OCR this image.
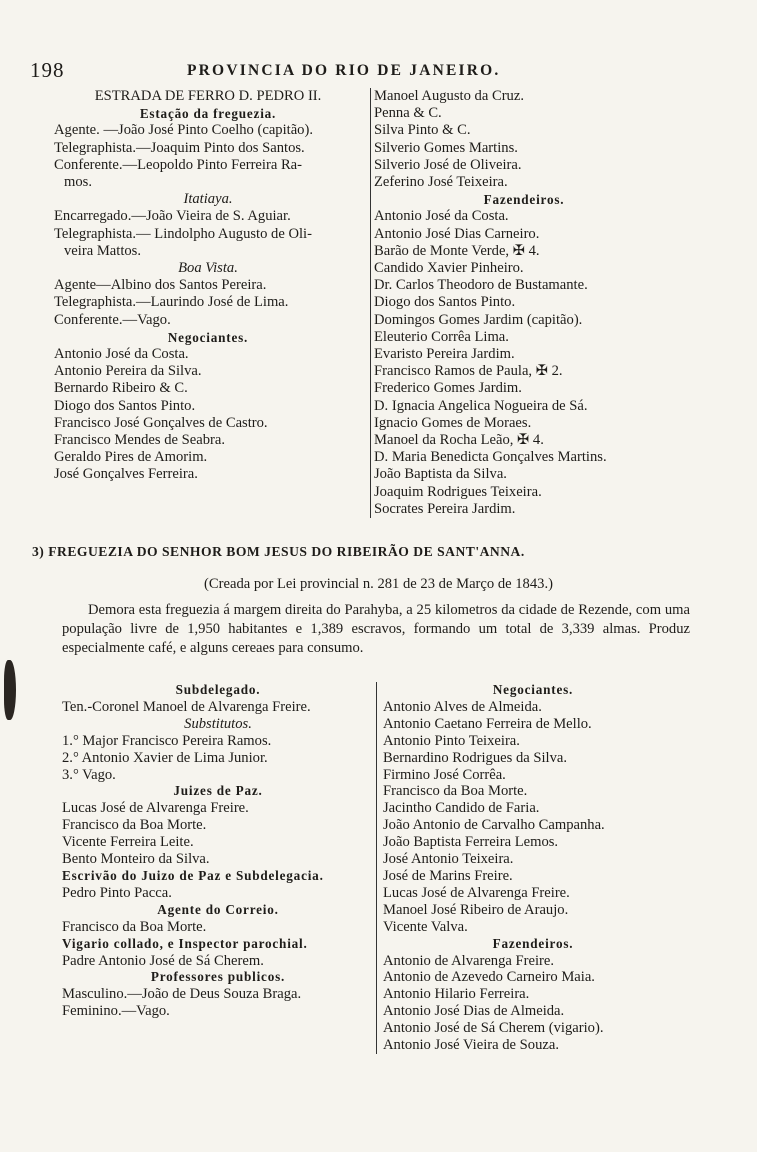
198	PROVINCIA DO RIO DE JANEIRO.
ESTRADA DE FERRO D. PEDRO II.
Estação da freguezia.
Agente. —João José Pinto Coelho (capitão).
Telegraphista.—Joaquim Pinto dos Santos.
Conferente.—Leopoldo Pinto Ferreira Ra-
mos.
Itatiaya.
Encarregado.—João Vieira de S. Aguiar.
Telegraphista.— Lindolpho Augusto de Oli-
veira Mattos.
Boa Vista.
Agente—Albino dos Santos Pereira.
Telegraphista.—Laurindo José de Lima.
Conferente.—Vago.
Negociantes.
Antonio José da Costa.
Antonio Pereira da Silva.
Bernardo Ribeiro & C.
Diogo dos Santos Pinto.
Francisco José Gonçalves de Castro.
Francisco Mendes de Seabra.
Geraldo Pires de Amorim.
José Gonçalves Ferreira.
Manoel Augusto da Cruz.
Penna & C.
Silva Pinto & C.
Silverio Gomes Martins.
Silverio José de Oliveira.
Zeferino José Teixeira.
Fazendeiros.
Antonio José da Costa.
Antonio José Dias Carneiro.
Barão de Monte Verde, ✠ 4.
Candido Xavier Pinheiro.
Dr. Carlos Theodoro de Bustamante.
Diogo dos Santos Pinto.
Domingos Gomes Jardim (capitão).
Eleuterio Corrêa Lima.
Evaristo Pereira Jardim.
Francisco Ramos de Paula, ✠ 2.
Frederico Gomes Jardim.
D. Ignacia Angelica Nogueira de Sá.
Ignacio Gomes de Moraes.
Manoel da Rocha Leão, ✠ 4.
D. Maria Benedicta Gonçalves Martins.
João Baptista da Silva.
Joaquim Rodrigues Teixeira.
Socrates Pereira Jardim.
3) FREGUEZIA DO SENHOR BOM JESUS DO RIBEIRÃO DE SANT'ANNA.
(Creada por Lei provincial n. 281 de 23 de Março de 1843.)
Demora esta freguezia á margem direita do Parahyba, a 25 kilometros da cidade de Rezende, com uma população livre de 1,950 habitantes e 1,389 escravos, formando um total de 3,339 almas. Produz especialmente café, e alguns cereaes para consumo.
Subdelegado.
Ten.-Coronel Manoel de Alvarenga Freire.
Substitutos.
1.° Major Francisco Pereira Ramos.
2.° Antonio Xavier de Lima Junior.
3.° Vago.
Juizes de Paz.
Lucas José de Alvarenga Freire.
Francisco da Boa Morte.
Vicente Ferreira Leite.
Bento Monteiro da Silva.
Escrivão do Juizo de Paz e Subdelegacia.
Pedro Pinto Pacca.
Agente do Correio.
Francisco da Boa Morte.
Vigario collado, e Inspector parochial.
Padre Antonio José de Sá Cherem.
Professores publicos.
Masculino.—João de Deus Souza Braga.
Feminino.—Vago.
Negociantes.
Antonio Alves de Almeida.
Antonio Caetano Ferreira de Mello.
Antonio Pinto Teixeira.
Bernardino Rodrigues da Silva.
Firmino José Corrêa.
Francisco da Boa Morte.
Jacintho Candido de Faria.
João Antonio de Carvalho Campanha.
João Baptista Ferreira Lemos.
José Antonio Teixeira.
José de Marins Freire.
Lucas José de Alvarenga Freire.
Manoel José Ribeiro de Araujo.
Vicente Valva.
Fazendeiros.
Antonio de Alvarenga Freire.
Antonio de Azevedo Carneiro Maia.
Antonio Hilario Ferreira.
Antonio José Dias de Almeida.
Antonio José de Sá Cherem (vigario).
Antonio José Vieira de Souza.
